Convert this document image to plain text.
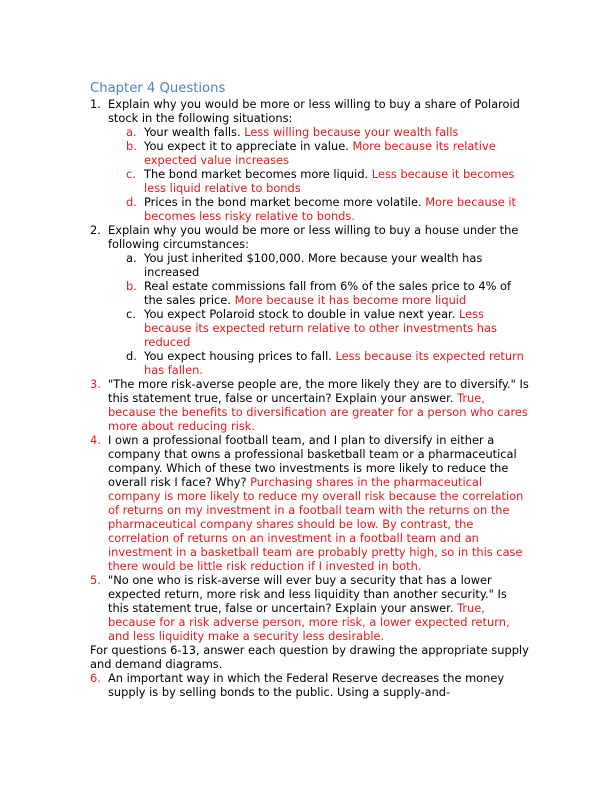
Chapter 4 Questions
1. Explain why you would be more or less willing to buy a share of Polaroid stock in the following situations:
a. Your wealth falls. Less willing because your wealth falls
b. You expect it to appreciate in value. More because its relative expected value increases
c. The bond market becomes more liquid. Less because it becomes less liquid relative to bonds
d. Prices in the bond market become more volatile. More because it becomes less risky relative to bonds.
2. Explain why you would be more or less willing to buy a house under the following circumstances:
a. You just inherited $100,000. More because your wealth has increased
b. Real estate commissions fall from 6% of the sales price to 4% of the sales price. More because it has become more liquid
c. You expect Polaroid stock to double in value next year. Less because its expected return relative to other investments has reduced
d. You expect housing prices to fall. Less because its expected return has fallen.
3. "The more risk-averse people are, the more likely they are to diversify." Is this statement true, false or uncertain? Explain your answer. True, because the benefits to diversification are greater for a person who cares more about reducing risk.
4. I own a professional football team, and I plan to diversify in either a company that owns a professional basketball team or a pharmaceutical company. Which of these two investments is more likely to reduce the overall risk I face? Why? Purchasing shares in the pharmaceutical company is more likely to reduce my overall risk because the correlation of returns on my investment in a football team with the returns on the pharmaceutical company shares should be low. By contrast, the correlation of returns on an investment in a football team and an investment in a basketball team are probably pretty high, so in this case there would be little risk reduction if I invested in both.
5. "No one who is risk-averse will ever buy a security that has a lower expected return, more risk and less liquidity than another security." Is this statement true, false or uncertain? Explain your answer. True, because for a risk adverse person, more risk, a lower expected return, and less liquidity make a security less desirable.
For questions 6-13, answer each question by drawing the appropriate supply and demand diagrams.
6. An important way in which the Federal Reserve decreases the money supply is by selling bonds to the public. Using a supply-and-
